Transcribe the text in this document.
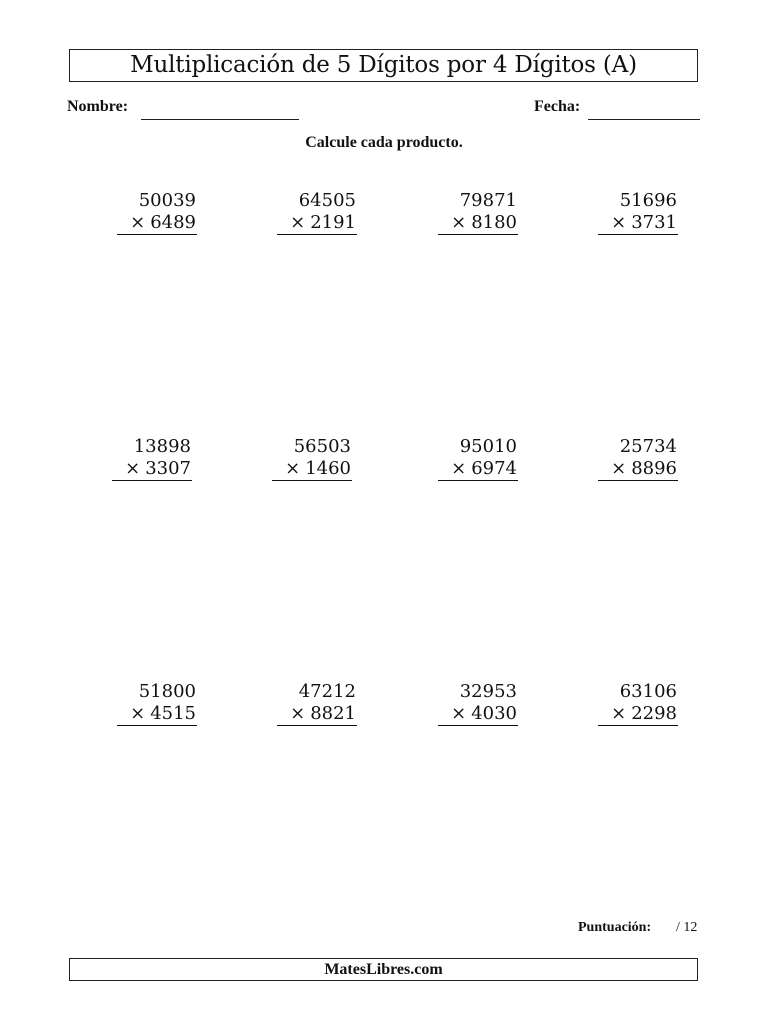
Multiplicación de 5 Dígitos por 4 Dígitos (A)
Nombre:	Fecha:
Calcule cada producto.
50039
× 6489
64505
× 2191
79871
× 8180
51696
× 3731
13898
× 3307
56503
× 1460
95010
× 6974
25734
× 8896
51800
× 4515
47212
× 8821
32953
× 4030
63106
× 2298
Puntuación: / 12
MatesLibres.com
